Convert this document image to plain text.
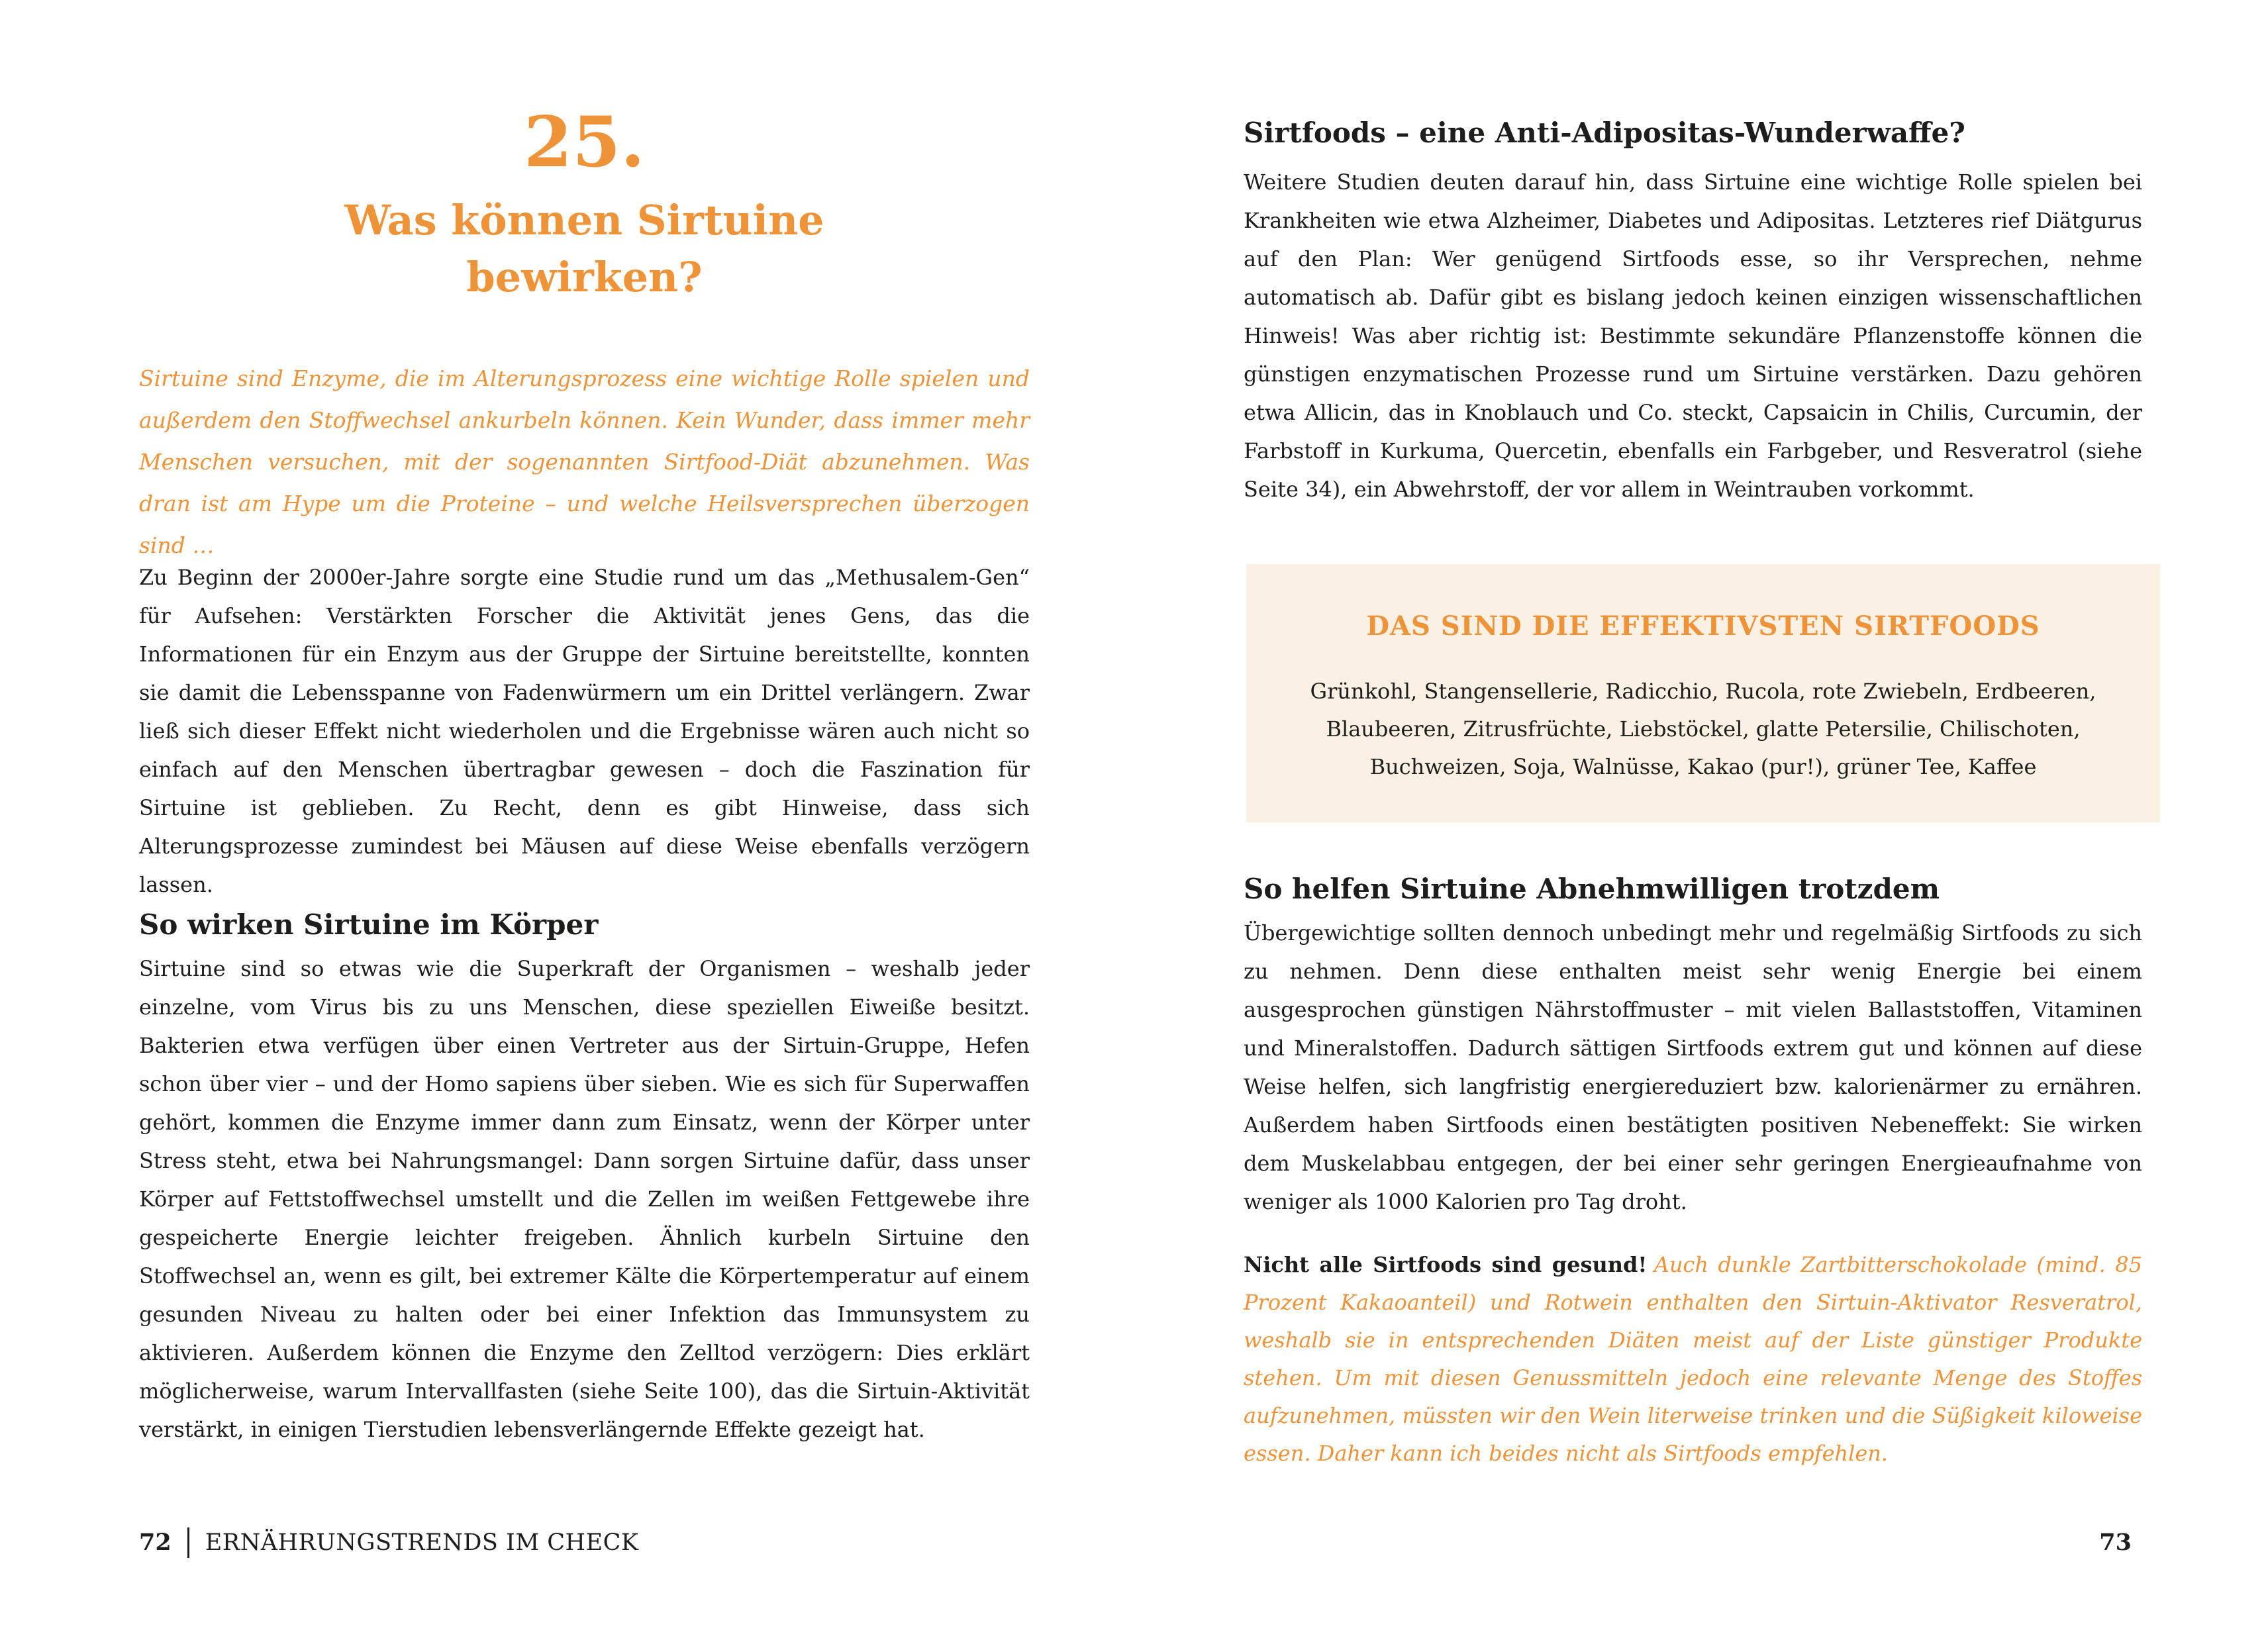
25.
Was können Sirtuine bewirken?

Sirtuine sind Enzyme, die im Alterungsprozess eine wichtige Rolle spielen und außerdem den Stoffwechsel ankurbeln können. Kein Wunder, dass immer mehr Menschen versuchen, mit der sogenannten Sirtfood-Diät abzunehmen. Was dran ist am Hype um die Proteine – und welche Heilsversprechen überzogen sind …

Zu Beginn der 2000er-Jahre sorgte eine Studie rund um das „Methusalem-Gen“ für Aufsehen: Verstärkten Forscher die Aktivität jenes Gens, das die Informationen für ein Enzym aus der Gruppe der Sirtuine bereitstellte, konnten sie damit die Lebensspanne von Fadenwürmern um ein Drittel verlängern. Zwar ließ sich dieser Effekt nicht wiederholen und die Ergebnisse wären auch nicht so einfach auf den Menschen übertragbar gewesen – doch die Faszination für Sirtuine ist geblieben. Zu Recht, denn es gibt Hinweise, dass sich Alterungsprozesse zumindest bei Mäusen auf diese Weise ebenfalls verzögern lassen.

So wirken Sirtuine im Körper

Sirtuine sind so etwas wie die Superkraft der Organismen – weshalb jeder einzelne, vom Virus bis zu uns Menschen, diese speziellen Eiweiße besitzt. Bakterien etwa verfügen über einen Vertreter aus der Sirtuin-Gruppe, Hefen schon über vier – und der Homo sapiens über sieben. Wie es sich für Superwaffen gehört, kommen die Enzyme immer dann zum Einsatz, wenn der Körper unter Stress steht, etwa bei Nahrungsmangel: Dann sorgen Sirtuine dafür, dass unser Körper auf Fettstoffwechsel umstellt und die Zellen im weißen Fettgewebe ihre gespeicherte Energie leichter freigeben. Ähnlich kurbeln Sirtuine den Stoffwechsel an, wenn es gilt, bei extremer Kälte die Körpertemperatur auf einem gesunden Niveau zu halten oder bei einer Infektion das Immunsystem zu aktivieren. Außerdem können die Enzyme den Zelltod verzögern: Dies erklärt möglicherweise, warum Intervallfasten (siehe Seite 100), das die Sirtuin-Aktivität verstärkt, in einigen Tierstudien lebensverlängernde Effekte gezeigt hat.

72 ERNÄHRUNGSTRENDS IM CHECK
Sirtfoods – eine Anti-Adipositas-Wunderwaffe?

Weitere Studien deuten darauf hin, dass Sirtuine eine wichtige Rolle spielen bei Krankheiten wie etwa Alzheimer, Diabetes und Adipositas. Letzteres rief Diätgurus auf den Plan: Wer genügend Sirtfoods esse, so ihr Versprechen, nehme automatisch ab. Dafür gibt es bislang jedoch keinen einzigen wissenschaftlichen Hinweis! Was aber richtig ist: Bestimmte sekundäre Pflanzenstoffe können die günstigen enzymatischen Prozesse rund um Sirtuine verstärken. Dazu gehören etwa Allicin, das in Knoblauch und Co. steckt, Capsaicin in Chilis, Curcumin, der Farbstoff in Kurkuma, Quercetin, ebenfalls ein Farbgeber, und Resveratrol (siehe Seite 34), ein Abwehrstoff, der vor allem in Weintrauben vorkommt.

DAS SIND DIE EFFEKTIVSTEN SIRTFOODS

Grünkohl, Stangensellerie, Radicchio, Rucola, rote Zwiebeln, Erdbeeren, Blaubeeren, Zitrusfrüchte, Liebstöckel, glatte Petersilie, Chilischoten, Buchweizen, Soja, Walnüsse, Kakao (pur!), grüner Tee, Kaffee

So helfen Sirtuine Abnehmwilligen trotzdem

Übergewichtige sollten dennoch unbedingt mehr und regelmäßig Sirtfoods zu sich zu nehmen. Denn diese enthalten meist sehr wenig Energie bei einem ausgesprochen günstigen Nährstoffmuster – mit vielen Ballaststoffen, Vitaminen und Mineralstoffen. Dadurch sättigen Sirtfoods extrem gut und können auf diese Weise helfen, sich langfristig energiereduziert bzw. kalorienärmer zu ernähren. Außerdem haben Sirtfoods einen bestätigten positiven Nebeneffekt: Sie wirken dem Muskelabbau entgegen, der bei einer sehr geringen Energieaufnahme von weniger als 1000 Kalorien pro Tag droht.

Nicht alle Sirtfoods sind gesund! Auch dunkle Zartbitterschokolade (mind. 85 Prozent Kakaoanteil) und Rotwein enthalten den Sirtuin-Aktivator Resveratrol, weshalb sie in entsprechenden Diäten meist auf der Liste günstiger Produkte stehen. Um mit diesen Genussmitteln jedoch eine relevante Menge des Stoffes aufzunehmen, müssten wir den Wein literweise trinken und die Süßigkeit kiloweise essen. Daher kann ich beides nicht als Sirtfoods empfehlen.

73
